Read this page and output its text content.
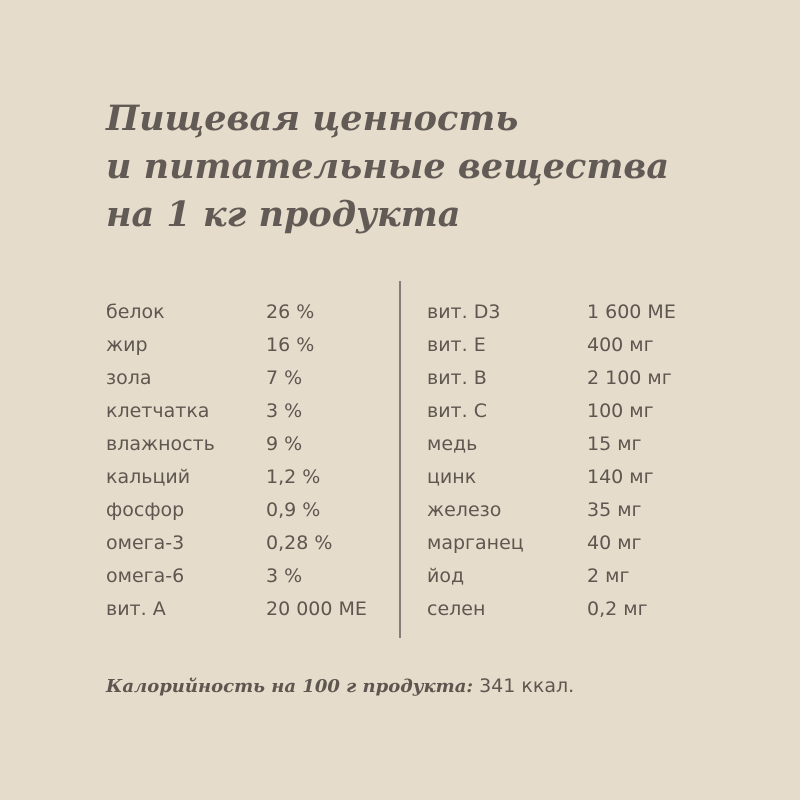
Пищевая ценность
и питательные вещества
на 1 кг продукта
белок	26 %
жир	16 %
зола	7 %
клетчатка	3 %
влажность	9 %
кальций	1,2 %
фосфор	0,9 %
омега-3	0,28 %
омега-6	3 %
вит. А	20 000 МЕ
вит. D3	1 600 МЕ
вит. Е	400 мг
вит. В	2 100 мг
вит. С	100 мг
медь	15 мг
цинк	140 мг
железо	35 мг
марганец	40 мг
йод	2 мг
селен	0,2 мг

Калорийность на 100 г продукта: 341 ккал.
